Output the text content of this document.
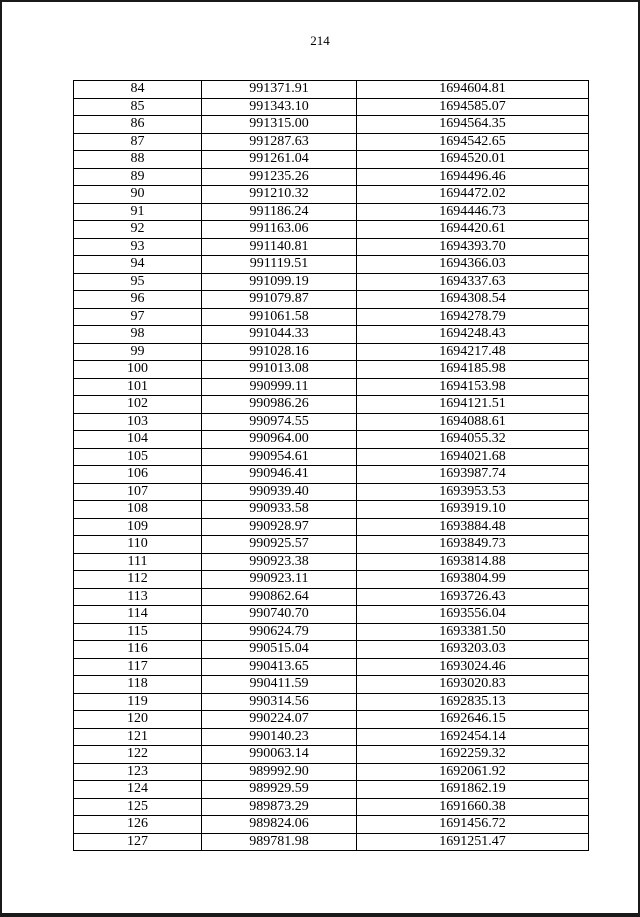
214
84	991371.91	1694604.81
85	991343.10	1694585.07
86	991315.00	1694564.35
87	991287.63	1694542.65
88	991261.04	1694520.01
89	991235.26	1694496.46
90	991210.32	1694472.02
91	991186.24	1694446.73
92	991163.06	1694420.61
93	991140.81	1694393.70
94	991119.51	1694366.03
95	991099.19	1694337.63
96	991079.87	1694308.54
97	991061.58	1694278.79
98	991044.33	1694248.43
99	991028.16	1694217.48
100	991013.08	1694185.98
101	990999.11	1694153.98
102	990986.26	1694121.51
103	990974.55	1694088.61
104	990964.00	1694055.32
105	990954.61	1694021.68
106	990946.41	1693987.74
107	990939.40	1693953.53
108	990933.58	1693919.10
109	990928.97	1693884.48
110	990925.57	1693849.73
111	990923.38	1693814.88
112	990923.11	1693804.99
113	990862.64	1693726.43
114	990740.70	1693556.04
115	990624.79	1693381.50
116	990515.04	1693203.03
117	990413.65	1693024.46
118	990411.59	1693020.83
119	990314.56	1692835.13
120	990224.07	1692646.15
121	990140.23	1692454.14
122	990063.14	1692259.32
123	989992.90	1692061.92
124	989929.59	1691862.19
125	989873.29	1691660.38
126	989824.06	1691456.72
127	989781.98	1691251.47
